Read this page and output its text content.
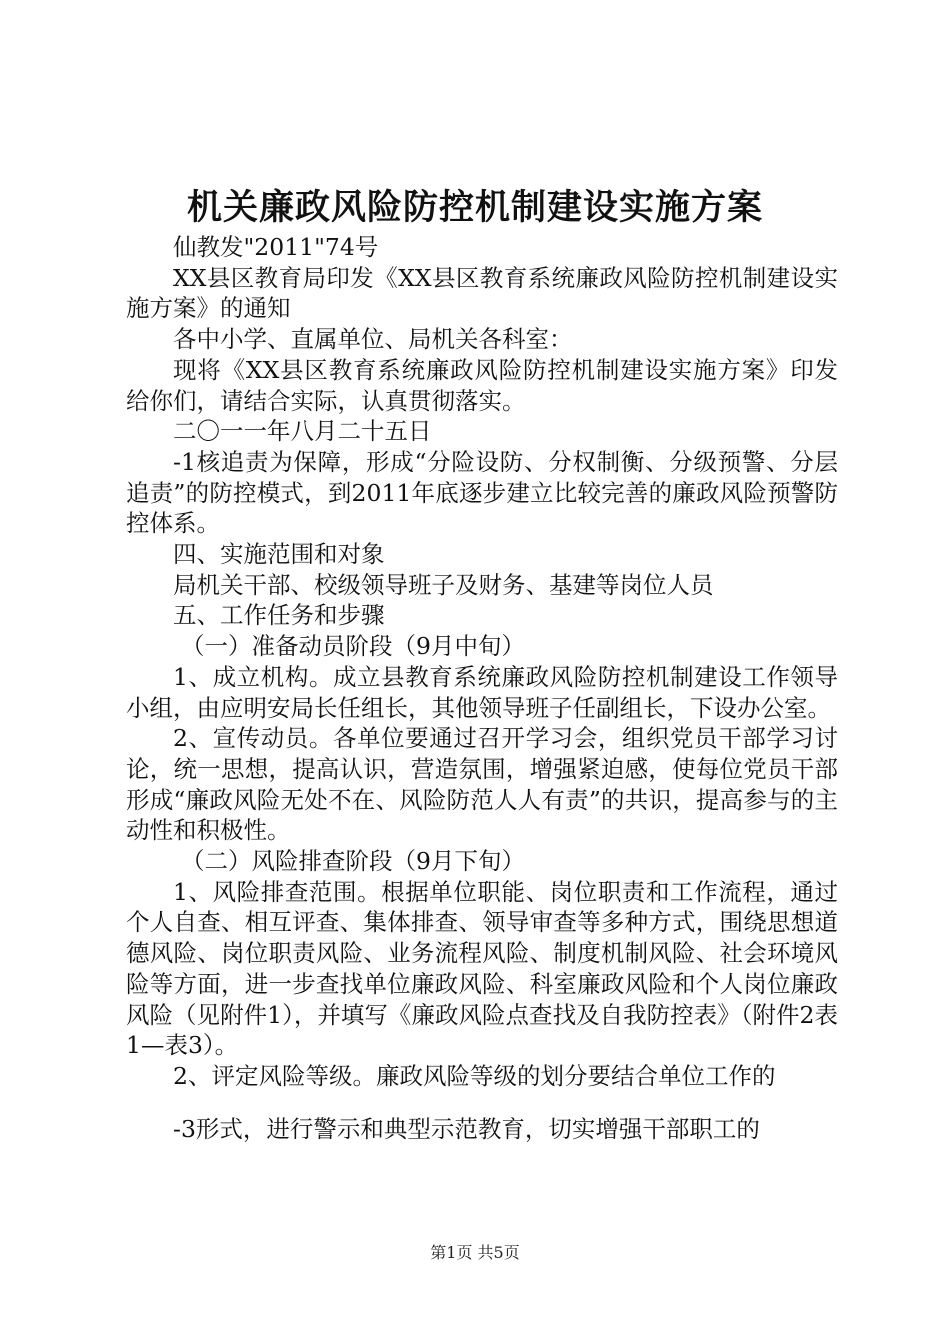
机关廉政风险防控机制建设实施方案

仙教发"2011"74号

XX县区教育局印发《XX县区教育系统廉政风险防控机制建设实施方案》的通知

各中小学、直属单位、局机关各科室：

现将《XX县区教育系统廉政风险防控机制建设实施方案》印发给你们，请结合实际，认真贯彻落实。

二〇一一年八月二十五日

-1核追责为保障，形成“分险设防、分权制衡、分级预警、分层追责”的防控模式，到2011年底逐步建立比较完善的廉政风险预警防控体系。

四、实施范围和对象

局机关干部、校级领导班子及财务、基建等岗位人员

五、工作任务和步骤

（一）准备动员阶段（9月中旬）

1、成立机构。成立县教育系统廉政风险防控机制建设工作领导小组，由应明安局长任组长，其他领导班子任副组长，下设办公室。

2、宣传动员。各单位要通过召开学习会，组织党员干部学习讨论，统一思想，提高认识，营造氛围，增强紧迫感，使每位党员干部形成“廉政风险无处不在、风险防范人人有责”的共识，提高参与的主动性和积极性。

（二）风险排查阶段（9月下旬）

1、风险排查范围。根据单位职能、岗位职责和工作流程，通过个人自查、相互评查、集体排查、领导审查等多种方式，围绕思想道德风险、岗位职责风险、业务流程风险、制度机制风险、社会环境风险等方面，进一步查找单位廉政风险、科室廉政风险和个人岗位廉政风险（见附件1），并填写《廉政风险点查找及自我防控表》（附件2表1—表3）。

2、评定风险等级。廉政风险等级的划分要结合单位工作的

-3形式，进行警示和典型示范教育，切实增强干部职工的

第1页 共5页
